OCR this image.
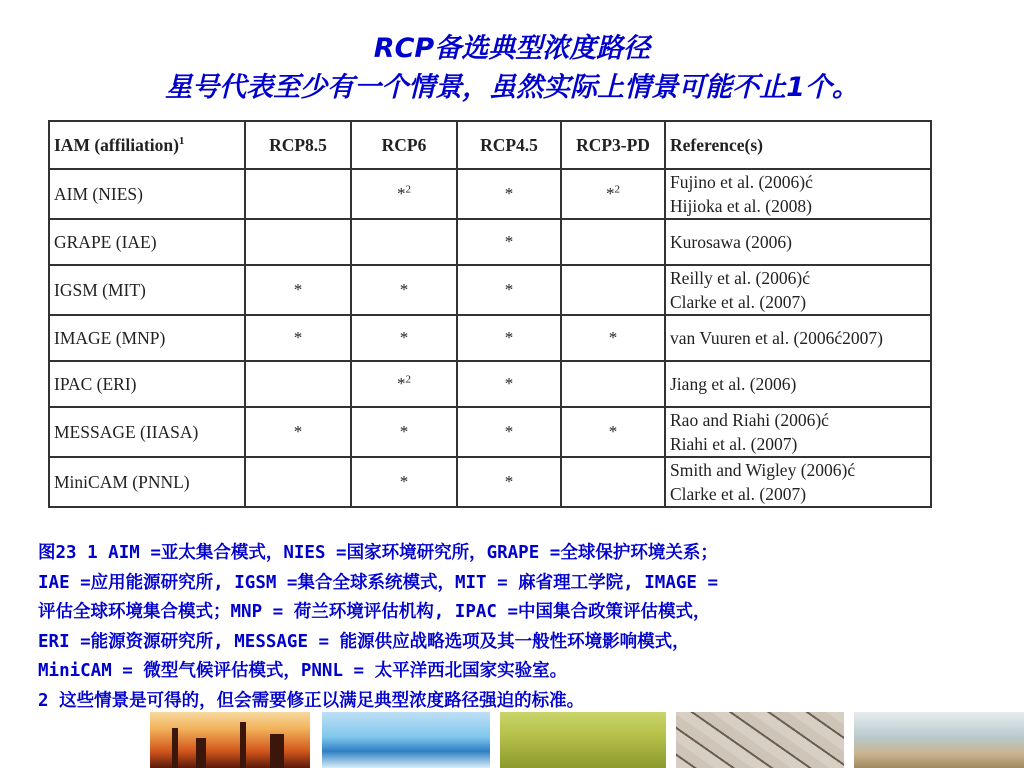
RCP备选典型浓度路径
星号代表至少有一个情景，虽然实际上情景可能不止1个。
IAM (affiliation)$^1$	RCP8.5	RCP6	RCP4.5	RCP3-PD	Reference(s)
AIM (NIES)		*$^2$	*	*$^2$	Fujino et al. (2006)ć
Hijioka et al. (2008)

GRAPE (IAE)			*		Kurosawa (2006)

IGSM (MIT)	*	*	*		Reilly et al. (2006)ć
Clarke et al. (2007)

IMAGE (MNP)	*	*	*	*	van Vuuren et al. (2006ć2007)

IPAC (ERI)		*$^2$	*		Jiang et al. (2006)

MESSAGE (IIASA)	*	*	*	*	Rao and Riahi (2006)ć
Riahi et al. (2007)

MiniCAM (PNNL)		*	*		Smith and Wigley (2006)ć
Clarke et al. (2007)
图23 1 AIM =亚太集合模式，NIES =国家环境研究所，GRAPE =全球保护环境关系；
IAE =应用能源研究所, IGSM =集合全球系统模式，MIT = 麻省理工学院, IMAGE =
评估全球环境集合模式；MNP = 荷兰环境评估机构, IPAC =中国集合政策评估模式，
ERI =能源资源研究所, MESSAGE = 能源供应战略选项及其一般性环境影响模式，
MiniCAM = 微型气候评估模式，PNNL = 太平洋西北国家实验室。
2 这些情景是可得的，但会需要修正以满足典型浓度路径强迫的标准。
